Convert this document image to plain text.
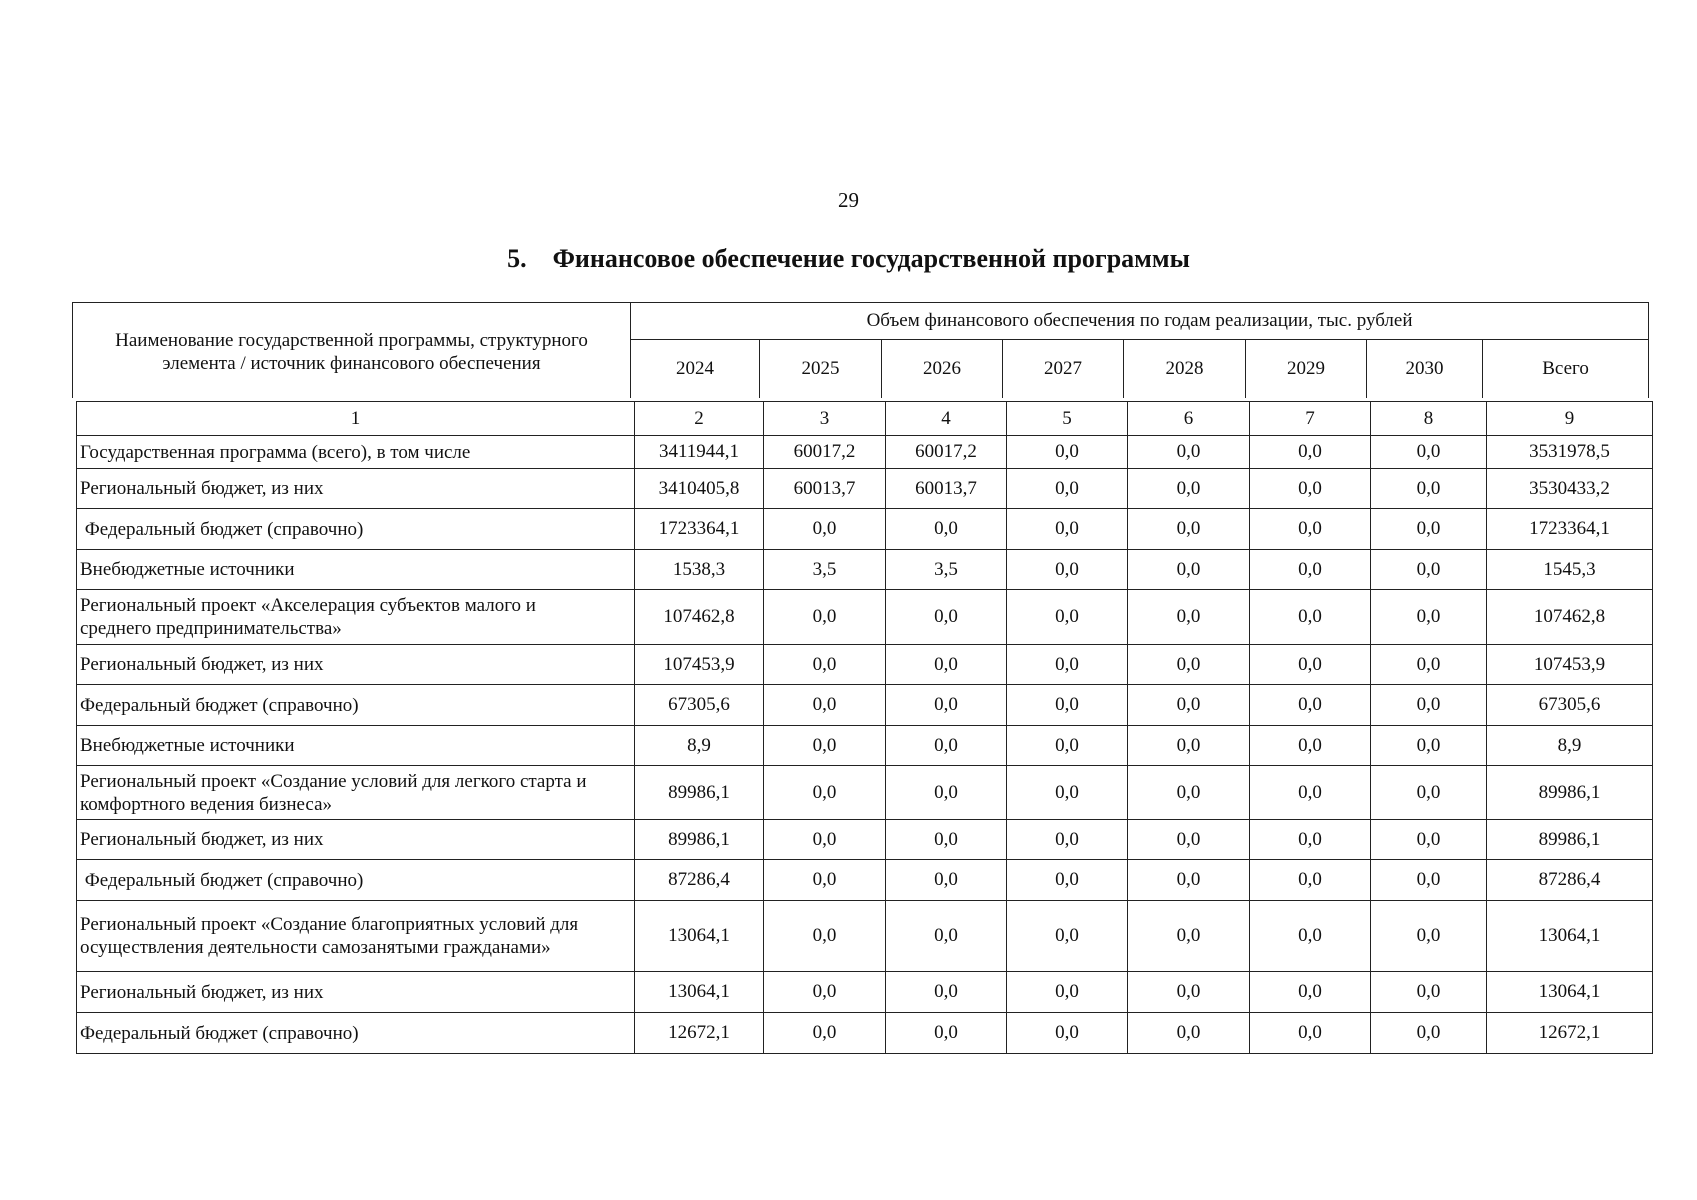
29
5. Финансовое обеспечение государственной программы
Наименование государственной программы, структурного
элемента / источник финансового обеспечения	Объем финансового обеспечения по годам реализации, тыс. рублей							
	2024	2025	2026	2027	2028	2029	2030	Всего
1	2	3	4	5	6	7	8	9

Государственная программа (всего), в том числе	3411944,1	60017,2	60017,2	0,0	0,0	0,0	0,0	3531978,5

Региональный бюджет, из них	3410405,8	60013,7	60013,7	0,0	0,0	0,0	0,0	3530433,2

Федеральный бюджет (справочно)	1723364,1	0,0	0,0	0,0	0,0	0,0	0,0	1723364,1

Внебюджетные источники	1538,3	3,5	3,5	0,0	0,0	0,0	0,0	1545,3

Региональный проект «Акселерация субъектов малого и
среднего предпринимательства»	107462,8	0,0	0,0	0,0	0,0	0,0	0,0	107462,8

Региональный бюджет, из них	107453,9	0,0	0,0	0,0	0,0	0,0	0,0	107453,9

Федеральный бюджет (справочно)	67305,6	0,0	0,0	0,0	0,0	0,0	0,0	67305,6

Внебюджетные источники	8,9	0,0	0,0	0,0	0,0	0,0	0,0	8,9

Региональный проект «Создание условий для легкого старта и
комфортного ведения бизнеса»	89986,1	0,0	0,0	0,0	0,0	0,0	0,0	89986,1

Региональный бюджет, из них	89986,1	0,0	0,0	0,0	0,0	0,0	0,0	89986,1

Федеральный бюджет (справочно)	87286,4	0,0	0,0	0,0	0,0	0,0	0,0	87286,4

Региональный проект «Создание благоприятных условий для
осуществления деятельности самозанятыми гражданами»	13064,1	0,0	0,0	0,0	0,0	0,0	0,0	13064,1

Региональный бюджет, из них	13064,1	0,0	0,0	0,0	0,0	0,0	0,0	13064,1

Федеральный бюджет (справочно)	12672,1	0,0	0,0	0,0	0,0	0,0	0,0	12672,1
